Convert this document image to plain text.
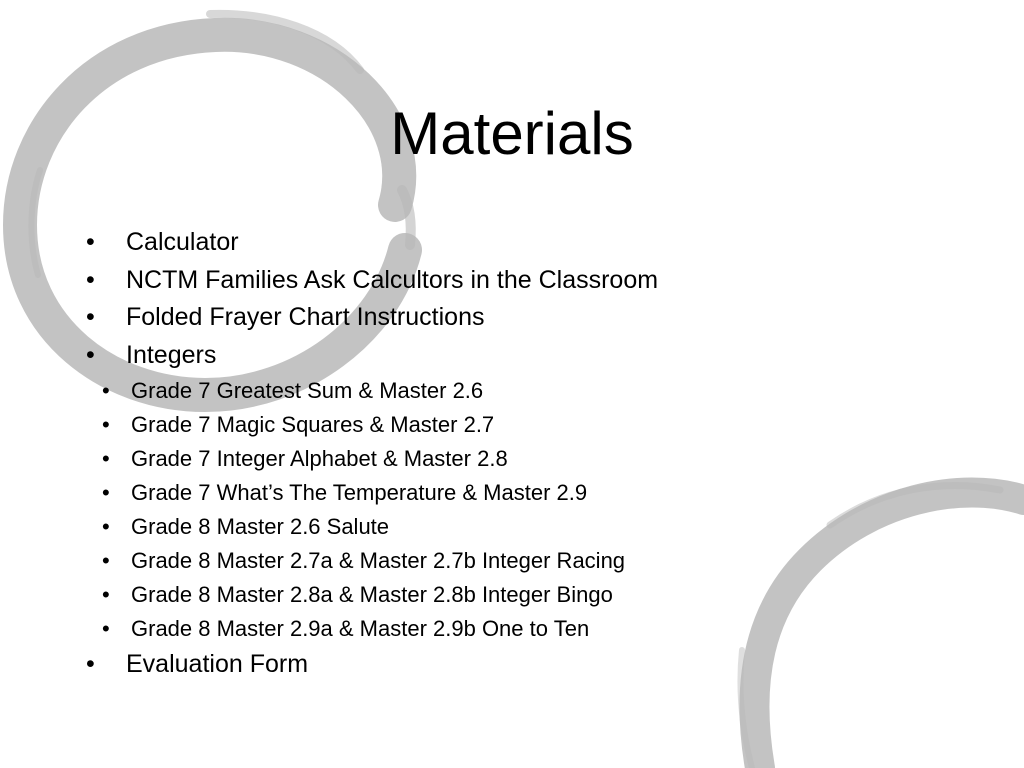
Materials
•	Calculator
•	NCTM Families Ask Calcultors in the Classroom
•	Folded Frayer Chart Instructions
•	Integers
• Grade 7 Greatest Sum & Master 2.6
• Grade 7 Magic Squares & Master 2.7
• Grade 7 Integer Alphabet & Master 2.8
• Grade 7 What’s The Temperature & Master 2.9
• Grade 8 Master 2.6 Salute
• Grade 8 Master 2.7a & Master 2.7b Integer Racing
• Grade 8 Master 2.8a & Master 2.8b Integer Bingo
• Grade 8 Master 2.9a & Master 2.9b One to Ten
•	Evaluation Form
